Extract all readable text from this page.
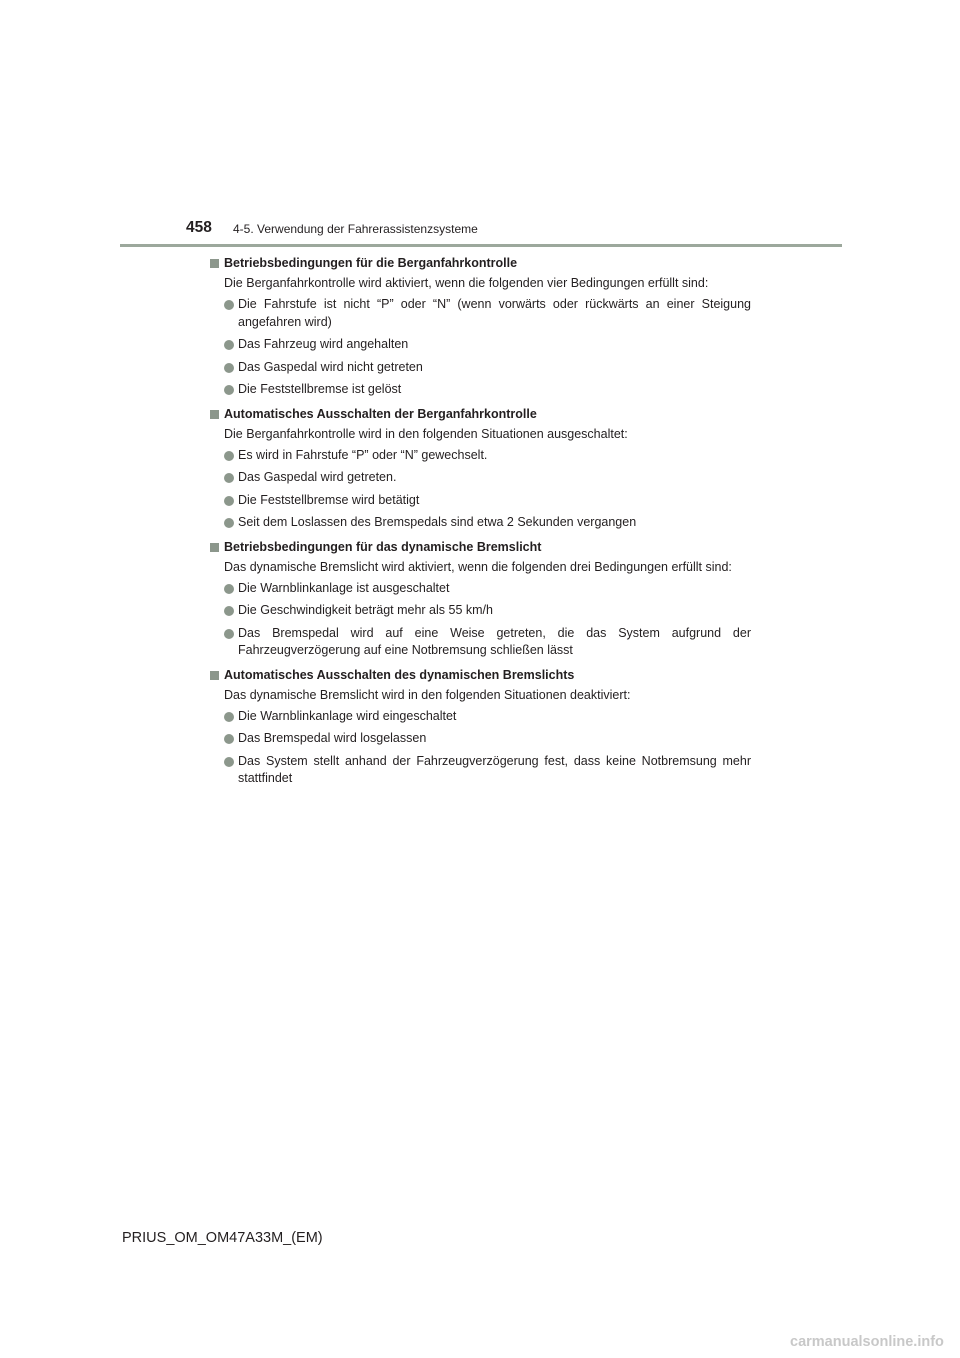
458 4-5. Verwendung der Fahrerassistenzsysteme
Betriebsbedingungen für die Berganfahrkontrolle
Die Berganfahrkontrolle wird aktiviert, wenn die folgenden vier Bedingungen erfüllt sind:
Die Fahrstufe ist nicht “P” oder “N” (wenn vorwärts oder rückwärts an einer Steigung angefahren wird)
Das Fahrzeug wird angehalten
Das Gaspedal wird nicht getreten
Die Feststellbremse ist gelöst
Automatisches Ausschalten der Berganfahrkontrolle
Die Berganfahrkontrolle wird in den folgenden Situationen ausgeschaltet:
Es wird in Fahrstufe “P” oder “N” gewechselt.
Das Gaspedal wird getreten.
Die Feststellbremse wird betätigt
Seit dem Loslassen des Bremspedals sind etwa 2 Sekunden vergangen
Betriebsbedingungen für das dynamische Bremslicht
Das dynamische Bremslicht wird aktiviert, wenn die folgenden drei Bedingungen erfüllt sind:
Die Warnblinkanlage ist ausgeschaltet
Die Geschwindigkeit beträgt mehr als 55 km/h
Das Bremspedal wird auf eine Weise getreten, die das System aufgrund der Fahrzeugverzögerung auf eine Notbremsung schließen lässt
Automatisches Ausschalten des dynamischen Bremslichts
Das dynamische Bremslicht wird in den folgenden Situationen deaktiviert:
Die Warnblinkanlage wird eingeschaltet
Das Bremspedal wird losgelassen
Das System stellt anhand der Fahrzeugverzögerung fest, dass keine Notbremsung mehr stattfindet
PRIUS_OM_OM47A33M_(EM)
carmanualsonline.info
